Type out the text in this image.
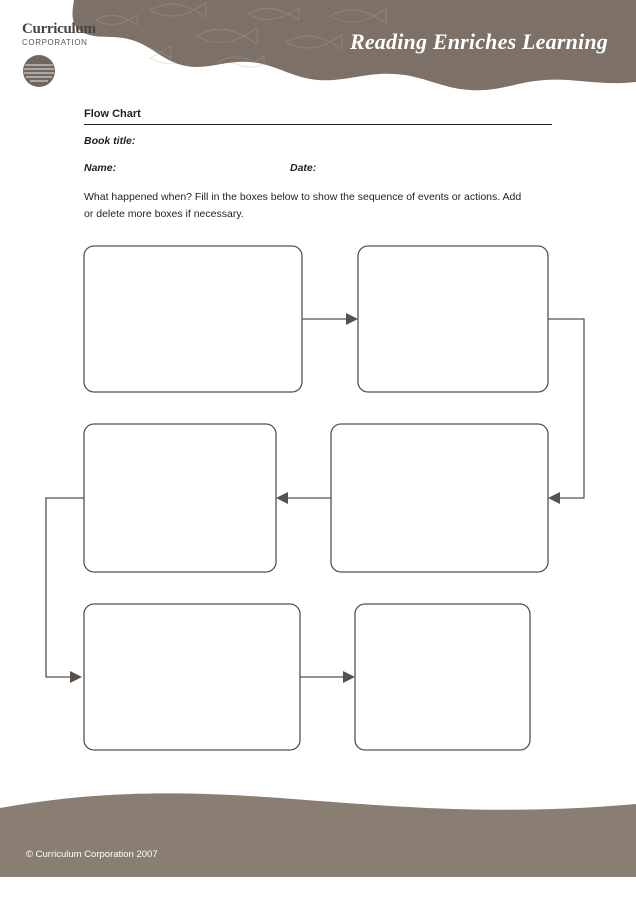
Curriculum
CORPORATION	Reading Enriches Learning
Flow Chart
Book title:
Name:	Date:
What happened when? Fill in the boxes below to show the sequence of events or actions. Add or delete more boxes if necessary.
© Curriculum Corporation 2007
